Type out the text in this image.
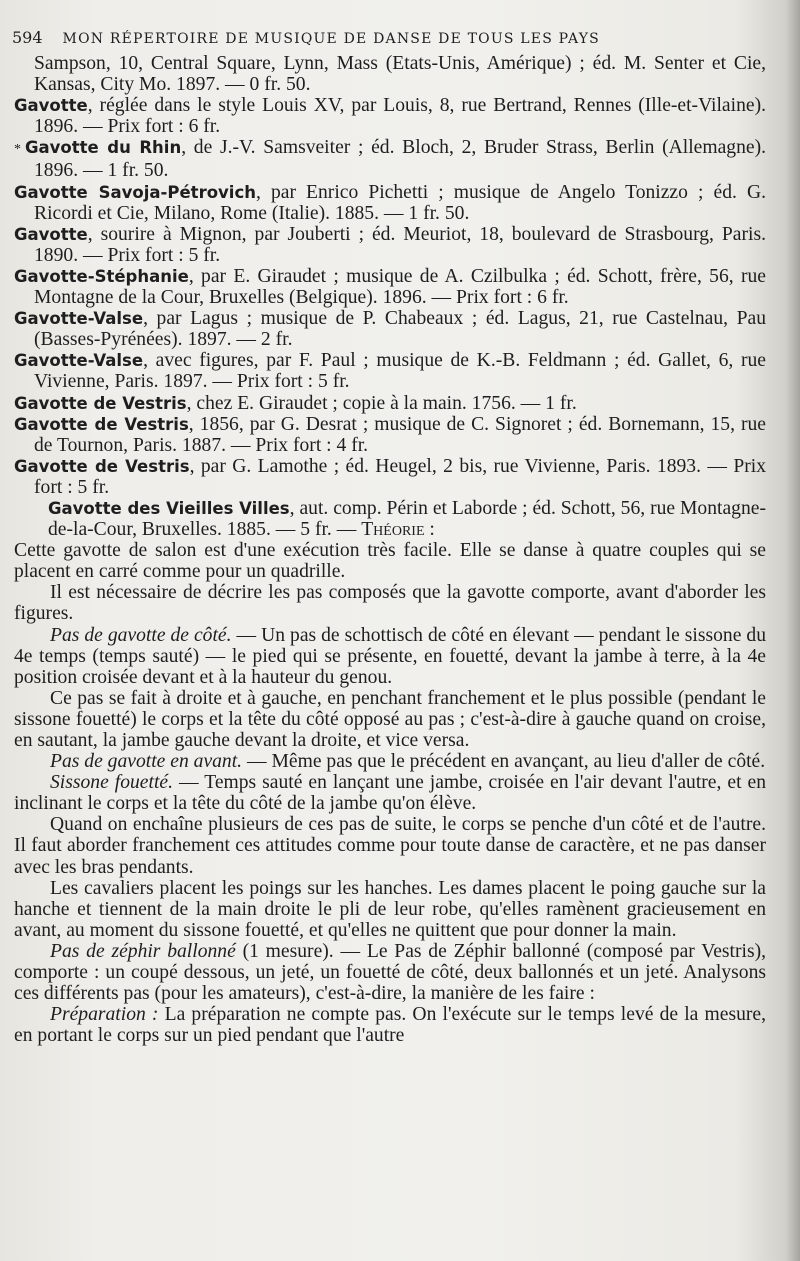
594 MON RÉPERTOIRE DE MUSIQUE DE DANSE DE TOUS LES PAYS
Sampson, 10, Central Square, Lynn, Mass (Etats-Unis, Amérique) ; éd. M. Senter et Cie, Kansas, City Mo. 1897. — 0 fr. 50.
Gavotte, réglée dans le style Louis XV, par Louis, 8, rue Bertrand, Rennes (Ille-et-Vilaine). 1896. — Prix fort : 6 fr.
* Gavotte du Rhin, de J.-V. Samsveiter ; éd. Bloch, 2, Bruder Strass, Berlin (Allemagne). 1896. — 1 fr. 50.
Gavotte Savoja-Pétrovich, par Enrico Pichetti ; musique de Angelo Tonizzo ; éd. G. Ricordi et Cie, Milano, Rome (Italie). 1885. — 1 fr. 50.
Gavotte, sourire à Mignon, par Jouberti ; éd. Meuriot, 18, boulevard de Strasbourg, Paris. 1890. — Prix fort : 5 fr.
Gavotte-Stéphanie, par E. Giraudet ; musique de A. Czilbulka ; éd. Schott, frère, 56, rue Montagne de la Cour, Bruxelles (Belgique). 1896. — Prix fort : 6 fr.
Gavotte-Valse, par Lagus ; musique de P. Chabeaux ; éd. Lagus, 21, rue Castelnau, Pau (Basses-Pyrénées). 1897. — 2 fr.
Gavotte-Valse, avec figures, par F. Paul ; musique de K.-B. Feldmann ; éd. Gallet, 6, rue Vivienne, Paris. 1897. — Prix fort : 5 fr.
Gavotte de Vestris, chez E. Giraudet ; copie à la main. 1756. — 1 fr.
Gavotte de Vestris, 1856, par G. Desrat ; musique de C. Signoret ; éd. Bornemann, 15, rue de Tournon, Paris. 1887. — Prix fort : 4 fr.
Gavotte de Vestris, par G. Lamothe ; éd. Heugel, 2 bis, rue Vivienne, Paris. 1893. — Prix fort : 5 fr.
Gavotte des Vieilles Villes, aut. comp. Périn et Laborde ; éd. Schott, 56, rue Montagne-de-la-Cour, Bruxelles. 1885. — 5 fr. — Théorie :
Cette gavotte de salon est d'une exécution très facile. Elle se danse à quatre couples qui se placent en carré comme pour un quadrille.
Il est nécessaire de décrire les pas composés que la gavotte comporte, avant d'aborder les figures.
Pas de gavotte de côté. — Un pas de schottisch de côté en élevant — pendant le sissone du 4e temps (temps sauté) — le pied qui se présente, en fouetté, devant la jambe à terre, à la 4e position croisée devant et à la hauteur du genou.
Ce pas se fait à droite et à gauche, en penchant franchement et le plus possible (pendant le sissone fouetté) le corps et la tête du côté opposé au pas ; c'est-à-dire à gauche quand on croise, en sautant, la jambe gauche devant la droite, et vice versa.
Pas de gavotte en avant. — Même pas que le précédent en avançant, au lieu d'aller de côté.
Sissone fouetté. — Temps sauté en lançant une jambe, croisée en l'air devant l'autre, et en inclinant le corps et la tête du côté de la jambe qu'on élève.
Quand on enchaîne plusieurs de ces pas de suite, le corps se penche d'un côté et de l'autre. Il faut aborder franchement ces attitudes comme pour toute danse de caractère, et ne pas danser avec les bras pendants.
Les cavaliers placent les poings sur les hanches. Les dames placent le poing gauche sur la hanche et tiennent de la main droite le pli de leur robe, qu'elles ramènent gracieusement en avant, au moment du sissone fouetté, et qu'elles ne quittent que pour donner la main.
Pas de zéphir ballonné (1 mesure). — Le Pas de Zéphir ballonné (composé par Vestris), comporte : un coupé dessous, un jeté, un fouetté de côté, deux ballonnés et un jeté. Analysons ces différents pas (pour les amateurs), c'est-à-dire, la manière de les faire :
Préparation : La préparation ne compte pas. On l'exécute sur le temps levé de la mesure, en portant le corps sur un pied pendant que l'autre
